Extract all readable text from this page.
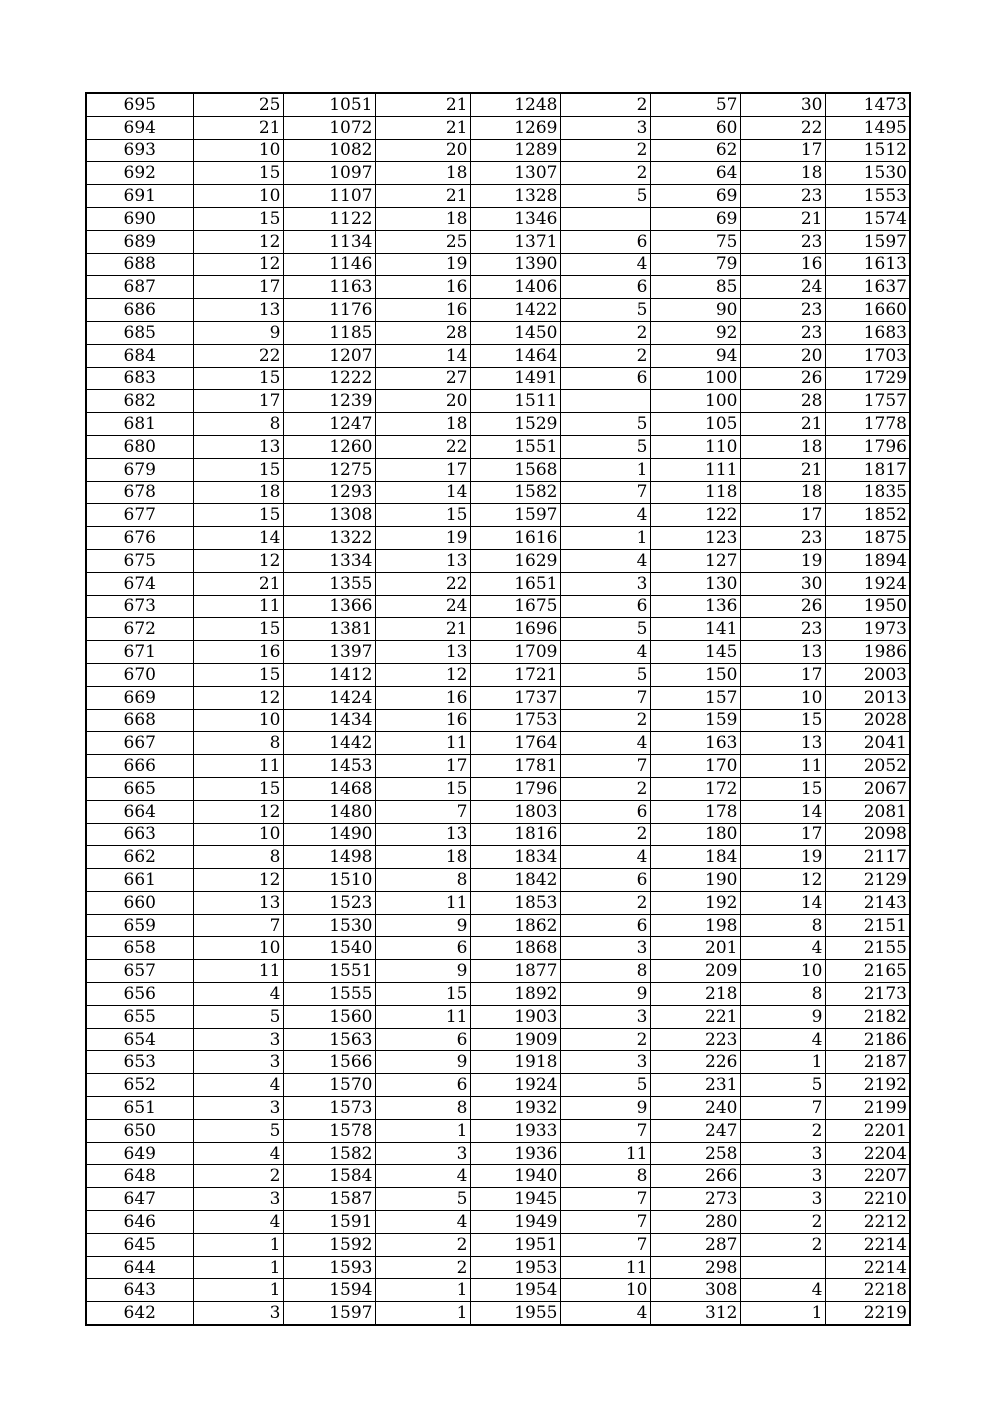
695	25	1051	21	1248	2	57	30	1473
694	21	1072	21	1269	3	60	22	1495
693	10	1082	20	1289	2	62	17	1512
692	15	1097	18	1307	2	64	18	1530
691	10	1107	21	1328	5	69	23	1553
690	15	1122	18	1346		69	21	1574
689	12	1134	25	1371	6	75	23	1597
688	12	1146	19	1390	4	79	16	1613
687	17	1163	16	1406	6	85	24	1637
686	13	1176	16	1422	5	90	23	1660
685	9	1185	28	1450	2	92	23	1683
684	22	1207	14	1464	2	94	20	1703
683	15	1222	27	1491	6	100	26	1729
682	17	1239	20	1511		100	28	1757
681	8	1247	18	1529	5	105	21	1778
680	13	1260	22	1551	5	110	18	1796
679	15	1275	17	1568	1	111	21	1817
678	18	1293	14	1582	7	118	18	1835
677	15	1308	15	1597	4	122	17	1852
676	14	1322	19	1616	1	123	23	1875
675	12	1334	13	1629	4	127	19	1894
674	21	1355	22	1651	3	130	30	1924
673	11	1366	24	1675	6	136	26	1950
672	15	1381	21	1696	5	141	23	1973
671	16	1397	13	1709	4	145	13	1986
670	15	1412	12	1721	5	150	17	2003
669	12	1424	16	1737	7	157	10	2013
668	10	1434	16	1753	2	159	15	2028
667	8	1442	11	1764	4	163	13	2041
666	11	1453	17	1781	7	170	11	2052
665	15	1468	15	1796	2	172	15	2067
664	12	1480	7	1803	6	178	14	2081
663	10	1490	13	1816	2	180	17	2098
662	8	1498	18	1834	4	184	19	2117
661	12	1510	8	1842	6	190	12	2129
660	13	1523	11	1853	2	192	14	2143
659	7	1530	9	1862	6	198	8	2151
658	10	1540	6	1868	3	201	4	2155
657	11	1551	9	1877	8	209	10	2165
656	4	1555	15	1892	9	218	8	2173
655	5	1560	11	1903	3	221	9	2182
654	3	1563	6	1909	2	223	4	2186
653	3	1566	9	1918	3	226	1	2187
652	4	1570	6	1924	5	231	5	2192
651	3	1573	8	1932	9	240	7	2199
650	5	1578	1	1933	7	247	2	2201
649	4	1582	3	1936	11	258	3	2204
648	2	1584	4	1940	8	266	3	2207
647	3	1587	5	1945	7	273	3	2210
646	4	1591	4	1949	7	280	2	2212
645	1	1592	2	1951	7	287	2	2214
644	1	1593	2	1953	11	298		2214
643	1	1594	1	1954	10	308	4	2218
642	3	1597	1	1955	4	312	1	2219
